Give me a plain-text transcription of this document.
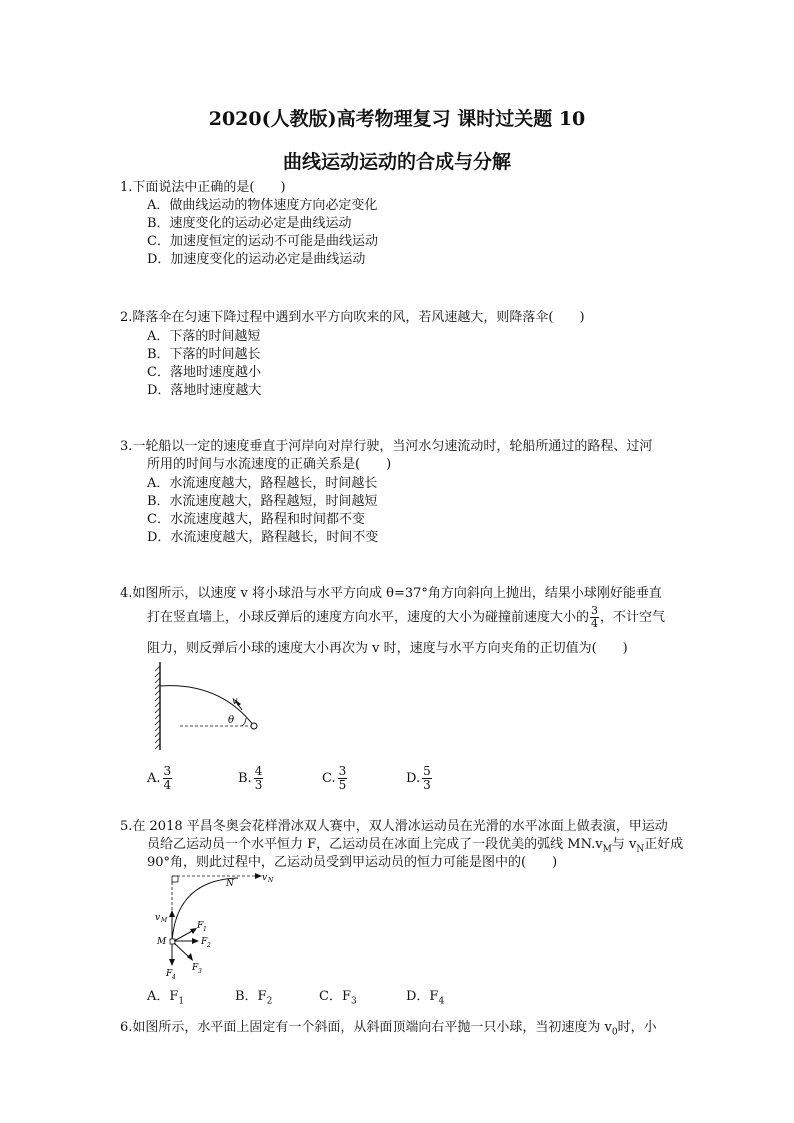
2020(人教版)高考物理复习 课时过关题 10
曲线运动运动的合成与分解
1.下面说法中正确的是(　　)
A．做曲线运动的物体速度方向必定变化
B．速度变化的运动必定是曲线运动
C．加速度恒定的运动不可能是曲线运动
D．加速度变化的运动必定是曲线运动
2.降落伞在匀速下降过程中遇到水平方向吹来的风，若风速越大，则降落伞(　　)
A．下落的时间越短
B．下落的时间越长
C．落地时速度越小
D．落地时速度越大
3.一轮船以一定的速度垂直于河岸向对岸行驶，当河水匀速流动时，轮船所通过的路程、过河
所用的时间与水流速度的正确关系是(　　)
A．水流速度越大，路程越长，时间越长
B．水流速度越大，路程越短，时间越短
C．水流速度越大，路程和时间都不变
D．水流速度越大，路程越长，时间不变
4.如图所示，以速度 v 将小球沿与水平方向成 θ=37°角方向斜向上抛出，结果小球刚好能垂直
打在竖直墙上，小球反弹后的速度方向水平，速度的大小为碰撞前速度大小的 $\frac{3}{4}$ ，不计空气
阻力，则反弹后小球的速度大小再次为 v 时，速度与水平方向夹角的正切值为(　　)
v
θ
A. $\frac{3}{4}$	B. $\frac{4}{3}$	C. $\frac{3}{5}$	D. $\frac{5}{3}$
5.在 2018 平昌冬奥会花样滑冰双人赛中，双人滑冰运动员在光滑的水平冰面上做表演，甲运动
员给乙运动员一个水平恒力 F，乙运动员在冰面上完成了一段优美的弧线 $MN.v_M$与 $v_N$正好成
90°角，则此过程中，乙运动员受到甲运动员的恒力可能是图中的(　　)
v N
N
v M
M
F 1
F 2
F 3
F 4
A．$F_1$	B．$F_2$	C．$F_3$	D．$F_4$
6.如图所示，水平面上固定有一个斜面，从斜面顶端向右平抛一只小球，当初速度为 $v_0$时，小
